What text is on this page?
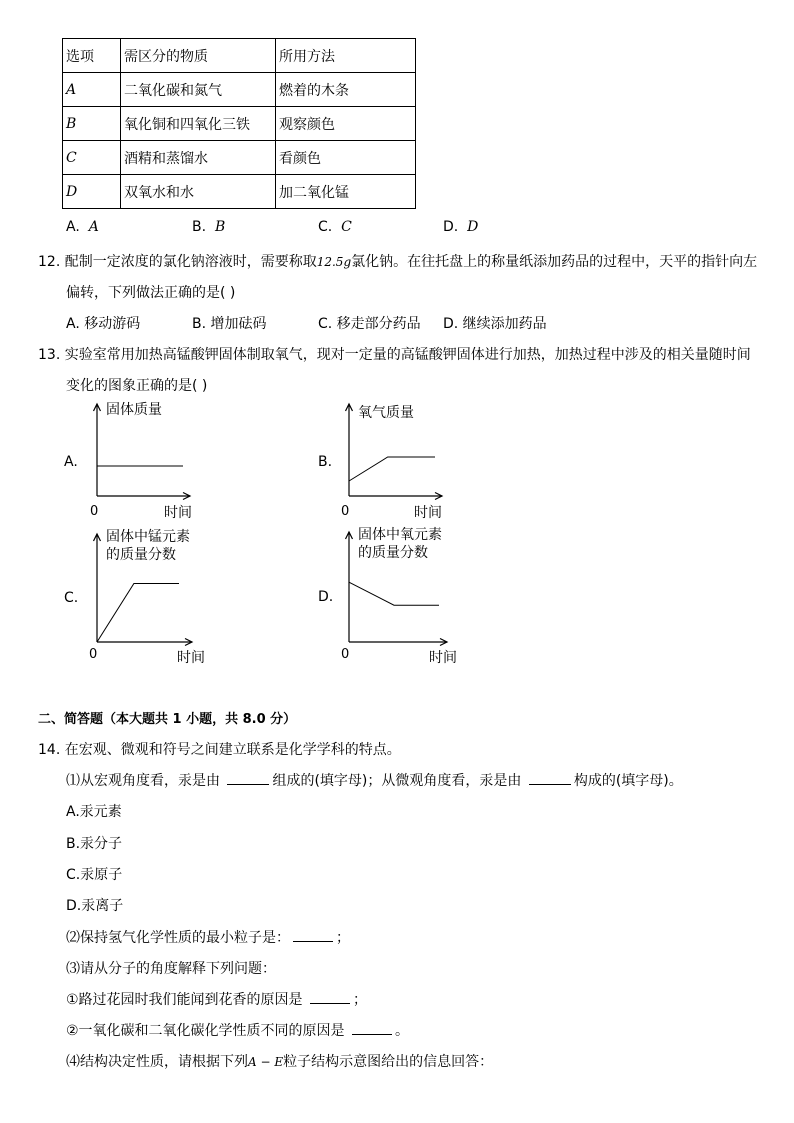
选项	需区分的物质	所用方法
A	二氧化碳和氮气	燃着的木条
B	氧化铜和四氧化三铁	观察颜色
C	酒精和蒸馏水	看颜色
D	双氧水和水	加二氧化锰
A. A	B. B	C. C	D. D
12. 配制一定浓度的氯化钠溶液时，需要称取12.5g氯化钠。在往托盘上的称量纸添加药品的过程中，天平的指针向左
偏转，下列做法正确的是( )
A. 移动游码	B. 增加砝码	C. 移走部分药品 D. 继续添加药品
13. 实验室常用加热高锰酸钾固体制取氧气，现对一定量的高锰酸钾固体进行加热，加热过程中涉及的相关量随时间
变化的图象正确的是( )
A.
固体质量
0	时间
B.
氧气质量
0	时间
C.
固体中锰元素
的质量分数
0	时间
D.
固体中氧元素
的质量分数
0	时间
二、简答题（本大题共 1 小题，共 8.0 分）
14. 在宏观、微观和符号之间建立联系是化学学科的特点。
⑴从宏观角度看，汞是由	组成的(填字母)；从微观角度看，汞是由	构成的(填字母)。
A.汞元素
B.汞分子
C.汞原子
D.汞离子
⑵保持氢气化学性质的最小粒子是：	；
⑶请从分子的角度解释下列问题：
①路过花园时我们能闻到花香的原因是	；
②一氧化碳和二氧化碳化学性质不同的原因是	。
⑷结构决定性质，请根据下列A − E粒子结构示意图给出的信息回答：
